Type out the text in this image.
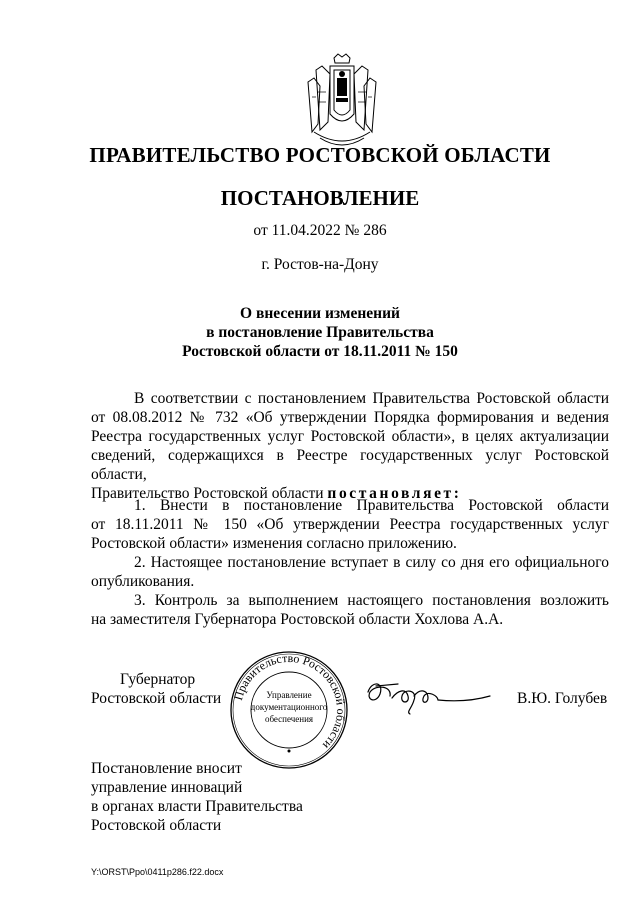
ПРАВИТЕЛЬСТВО РОСТОВСКОЙ ОБЛАСТИ
ПОСТАНОВЛЕНИЕ
от 11.04.2022 № 286
г. Ростов-на-Дону
О внесении изменений
в постановление Правительства
Ростовской области от 18.11.2011 № 150
В соответствии с постановлением Правительства Ростовской области
от 08.08.2012 № 732 «Об утверждении Порядка формирования и ведения
Реестра государственных услуг Ростовской области», в целях актуализации
сведений, содержащихся в Реестре государственных услуг Ростовской области,
Правительство Ростовской области постановляет:
1. Внести в постановление Правительства Ростовской области
от 18.11.2011 № 150 «Об утверждении Реестра государственных услуг
Ростовской области» изменения согласно приложению.
2. Настоящее постановление вступает в силу со дня его официального
опубликования.
3. Контроль за выполнением настоящего постановления возложить
на заместителя Губернатора Ростовской области Хохлова А.А.
Губернатор
Ростовской области	В.Ю. Голубев
Правительство Ростовской области
Управление
документационного
обеспечения
Постановление вносит
управление инноваций
в органах власти Правительства
Ростовской области
Y:\ORST\Ppo\0411p286.f22.docx
